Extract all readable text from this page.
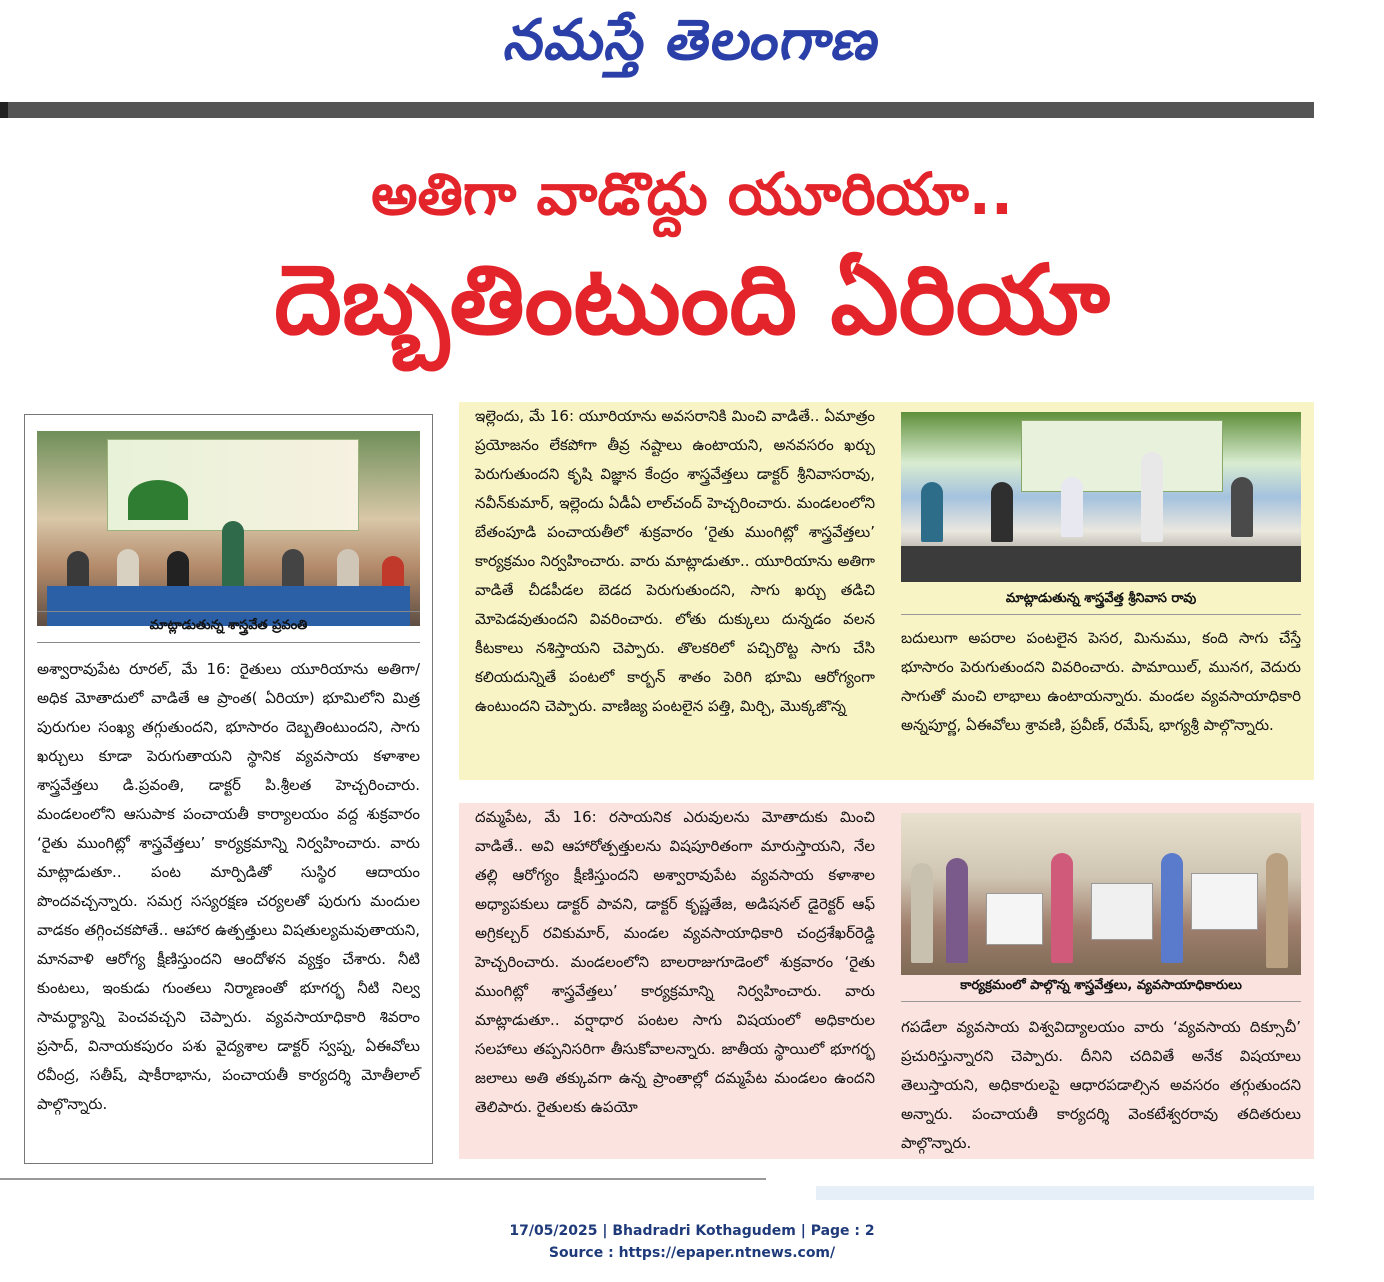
నమస్తే తెలంగాణ
అతిగా వాడొద్దు యూరియా..
దెబ్బతింటుంది ఏరియా
మాట్లాడుతున్న శాస్త్రవేత ప్రవంతి
అశ్వారావుపేట రూరల్‌, మే 16: రైతులు యూరియాను అతిగా/అధిక మోతాదులో వాడితే ఆ ప్రాంత( ఏరియా) భూమిలోని మిత్ర పురుగుల సంఖ్య తగ్గుతుందని, భూసారం దెబ్బతింటుందని, సాగు ఖర్చులు కూడా పెరుగుతాయని స్థానిక వ్యవసాయ కళాశాల శాస్త్రవేత్తలు డి.ప్రవంతి, డాక్టర్‌ పి.శ్రీలత హెచ్చరించారు. మండలంలోని ఆసుపాక పంచాయతీ కార్యాలయం వద్ద శుక్రవారం ‘రైతు ముంగిట్లో శాస్త్రవేత్తలు’ కార్యక్రమాన్ని నిర్వహించారు. వారు మాట్లాడుతూ.. పంట మార్పిడితో సుస్థిర ఆదాయం పొందవచ్చన్నారు. సమగ్ర సస్యరక్షణ చర్యలతో పురుగు మందుల వాడకం తగ్గించకపోతే.. ఆహార ఉత్పత్తులు విషతుల్యమవుతాయని, మానవాళి ఆరోగ్య క్షీణిస్తుందని ఆందోళన వ్యక్తం చేశారు. నీటి కుంటలు, ఇంకుడు గుంతలు నిర్మాణంతో భూగర్భ నీటి నిల్వ సామర్థ్యాన్ని పెంచవచ్చని చెప్పారు. వ్యవసాయాధికారి శివరాం ప్రసాద్‌, వినాయకపురం పశు వైద్యశాల డాక్టర్‌ స్వప్న, ఏఈవోలు రవీంద్ర, సతీష్‌, షాకీరాభాను, పంచాయతీ కార్యదర్శి మోతీలాల్‌ పాల్గొన్నారు.
ఇల్లెందు, మే 16: యూరియాను అవసరానికి మించి వాడితే.. ఏమాత్రం ప్రయోజనం లేకపోగా తీవ్ర నష్టాలు ఉంటాయని, అనవసరం ఖర్చు పెరుగుతుందని కృషి విజ్ఞాన కేంద్రం శాస్త్రవేత్తలు డాక్టర్‌ శ్రీనివాసరావు, నవీన్‌కుమార్‌, ఇల్లెందు ఏడీఏ లాల్‌చంద్‌ హెచ్చరించారు. మండలంలోని బేతంపూడి పంచాయతీలో శుక్రవారం ‘రైతు ముంగిట్లో శాస్త్రవేత్తలు’ కార్యక్రమం నిర్వహించారు. వారు మాట్లాడుతూ.. యూరియాను అతిగా వాడితే చీడపీడల బెడద పెరుగుతుందని, సాగు ఖర్చు తడిచి మోపెడవుతుందని వివరించారు. లోతు దుక్కులు దున్నడం వలన కీటకాలు నశిస్తాయని చెప్పారు. తొలకరిలో పచ్చిరొట్ట సాగు చేసి కలియదున్నితే పంటలో కార్బన్‌ శాతం పెరిగి భూమి ఆరోగ్యంగా ఉంటుందని చెప్పారు. వాణిజ్య పంటలైన పత్తి, మిర్చి, మొక్కజొన్న
మాట్లాడుతున్న శాస్త్రవేత్త శ్రీనివాస రావు
బదులుగా అపరాల పంటలైన పెసర, మినుము, కంది సాగు చేస్తే భూసారం పెరుగుతుందని వివరించారు. పామాయిల్‌, మునగ, వెదురు సాగుతో మంచి లాభాలు ఉంటాయన్నారు. మండల వ్యవసాయాధికారి అన్నపూర్ణ, ఏఈవోలు శ్రావణి, ప్రవీణ్‌, రమేష్‌, భాగ్యశ్రీ పాల్గొన్నారు.
దమ్మపేట, మే 16: రసాయనిక ఎరువులను మోతాదుకు మించి వాడితే.. అవి ఆహారోత్పత్తులను విషపూరితంగా మారుస్తాయని, నేల తల్లి ఆరోగ్యం క్షీణిస్తుందని అశ్వారావుపేట వ్యవసాయ కళాశాల అధ్యాపకులు డాక్టర్‌ పావని, డాక్టర్‌ కృష్ణతేజ, అడిషనల్‌ డైరెక్టర్‌ ఆఫ్‌ అగ్రికల్చర్‌ రవికుమార్‌, మండల వ్యవసాయాధికారి చంద్రశేఖర్‌రెడ్డి హెచ్చరించారు. మండలంలోని బాలరాజుగూడెంలో శుక్రవారం ‘రైతు ముంగిట్లో శాస్త్రవేత్తలు’ కార్యక్రమాన్ని నిర్వహించారు. వారు మాట్లాడుతూ.. వర్షాధార పంటల సాగు విషయంలో అధికారుల సలహాలు తప్పనిసరిగా తీసుకోవాలన్నారు. జాతీయ స్థాయిలో భూగర్భ జలాలు అతి తక్కువగా ఉన్న ప్రాంతాల్లో దమ్మపేట మండలం ఉందని తెలిపారు. రైతులకు ఉపయో
కార్యక్రమంలో పాల్గొన్న శాస్త్రవేత్తలు, వ్యవసాయాధికారులు
గపడేలా వ్యవసాయ విశ్వవిద్యాలయం వారు ‘వ్యవసాయ దిక్సూచీ’ ప్రచురిస్తున్నారని చెప్పారు. దీనిని చదివితే అనేక విషయాలు తెలుస్తాయని, అధికారులపై ఆధారపడాల్సిన అవసరం తగ్గుతుందని అన్నారు. పంచాయతీ కార్యదర్శి వెంకటేశ్వరరావు తదితరులు పాల్గొన్నారు.
17/05/2025 | Bhadradri Kothagudem | Page : 2
Source : https://epaper.ntnews.com/
